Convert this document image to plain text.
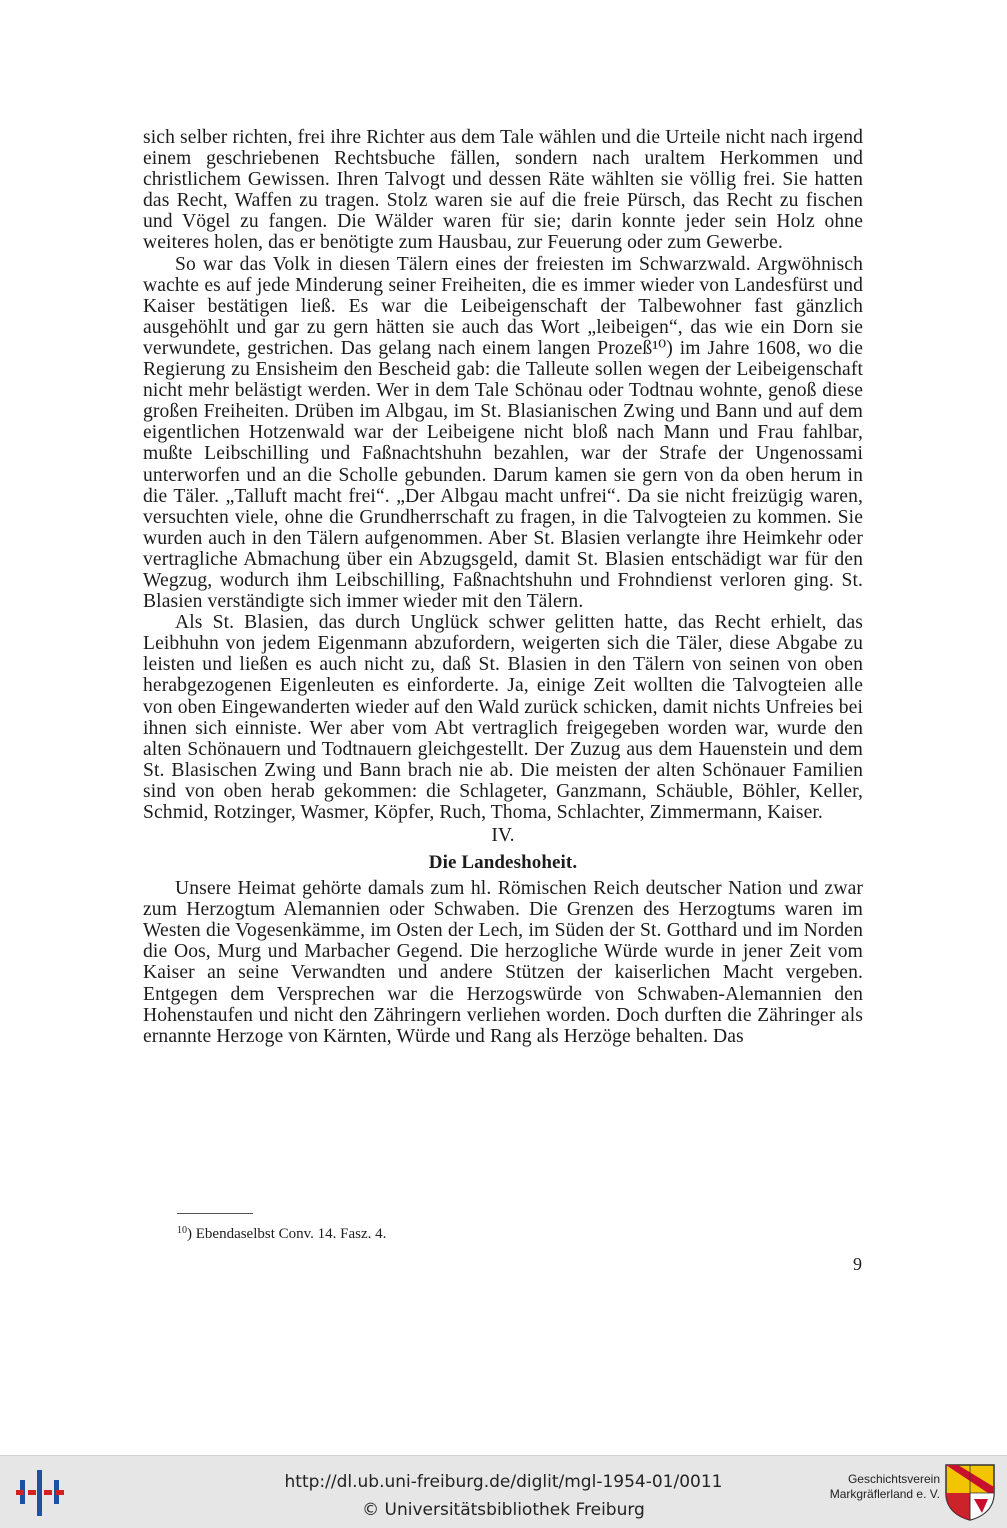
sich selber richten, frei ihre Richter aus dem Tale wählen und die Urteile nicht nach irgend einem geschriebenen Rechtsbuche fällen, sondern nach uraltem Herkommen und christlichem Gewissen. Ihren Talvogt und dessen Räte wählten sie völlig frei. Sie hatten das Recht, Waffen zu tragen. Stolz waren sie auf die freie Pürsch, das Recht zu fischen und Vögel zu fangen. Die Wälder waren für sie; darin konnte jeder sein Holz ohne weiteres holen, das er benötigte zum Hausbau, zur Feuerung oder zum Gewerbe.

So war das Volk in diesen Tälern eines der freiesten im Schwarzwald. Argwöhnisch wachte es auf jede Minderung seiner Freiheiten, die es immer wieder von Landesfürst und Kaiser bestätigen ließ. Es war die Leibeigenschaft der Talbewohner fast gänzlich ausgehöhlt und gar zu gern hätten sie auch das Wort „leibeigen“, das wie ein Dorn sie verwundete, gestrichen. Das gelang nach einem langen Prozeß¹⁰) im Jahre 1608, wo die Regierung zu Ensisheim den Bescheid gab: die Talleute sollen wegen der Leibeigenschaft nicht mehr belästigt werden. Wer in dem Tale Schönau oder Todtnau wohnte, genoß diese großen Freiheiten. Drüben im Albgau, im St. Blasianischen Zwing und Bann und auf dem eigentlichen Hotzenwald war der Leibeigene nicht bloß nach Mann und Frau fahlbar, mußte Leibschilling und Faßnachtshuhn bezahlen, war der Strafe der Ungenossami unterworfen und an die Scholle gebunden. Darum kamen sie gern von da oben herum in die Täler. „Talluft macht frei“. „Der Albgau macht unfrei“. Da sie nicht freizügig waren, versuchten viele, ohne die Grundherrschaft zu fragen, in die Talvogteien zu kommen. Sie wurden auch in den Tälern aufgenommen. Aber St. Blasien verlangte ihre Heimkehr oder vertragliche Abmachung über ein Abzugsgeld, damit St. Blasien entschädigt war für den Wegzug, wodurch ihm Leibschilling, Faßnachtshuhn und Frohndienst verloren ging. St. Blasien verständigte sich immer wieder mit den Tälern.

Als St. Blasien, das durch Unglück schwer gelitten hatte, das Recht erhielt, das Leibhuhn von jedem Eigenmann abzufordern, weigerten sich die Täler, diese Abgabe zu leisten und ließen es auch nicht zu, daß St. Blasien in den Tälern von seinen von oben herabgezogenen Eigenleuten es einforderte. Ja, einige Zeit wollten die Talvogteien alle von oben Eingewanderten wieder auf den Wald zurück schicken, damit nichts Unfreies bei ihnen sich einniste. Wer aber vom Abt vertraglich freigegeben worden war, wurde den alten Schönauern und Todtnauern gleichgestellt. Der Zuzug aus dem Hauenstein und dem St. Blasischen Zwing und Bann brach nie ab. Die meisten der alten Schönauer Familien sind von oben herab gekommen: die Schlageter, Ganzmann, Schäuble, Böhler, Keller, Schmid, Rotzinger, Wasmer, Köpfer, Ruch, Thoma, Schlachter, Zimmermann, Kaiser.

IV.
Die Landeshoheit.

Unsere Heimat gehörte damals zum hl. Römischen Reich deutscher Nation und zwar zum Herzogtum Alemannien oder Schwaben. Die Grenzen des Herzogtums waren im Westen die Vogesenkämme, im Osten der Lech, im Süden der St. Gotthard und im Norden die Oos, Murg und Marbacher Gegend. Die herzogliche Würde wurde in jener Zeit vom Kaiser an seine Verwandten und andere Stützen der kaiserlichen Macht vergeben. Entgegen dem Versprechen war die Herzogswürde von Schwaben-Alemannien den Hohenstaufen und nicht den Zähringern verliehen worden. Doch durften die Zähringer als ernannte Herzoge von Kärnten, Würde und Rang als Herzöge behalten. Das

$^{10}$) Ebendaselbst Conv. 14. Fasz. 4.
9
http://dl.ub.uni-freiburg.de/diglit/mgl-1954-01/0011
© Universitätsbibliothek Freiburg
Geschichtsverein
Markgräflerland e. V.
